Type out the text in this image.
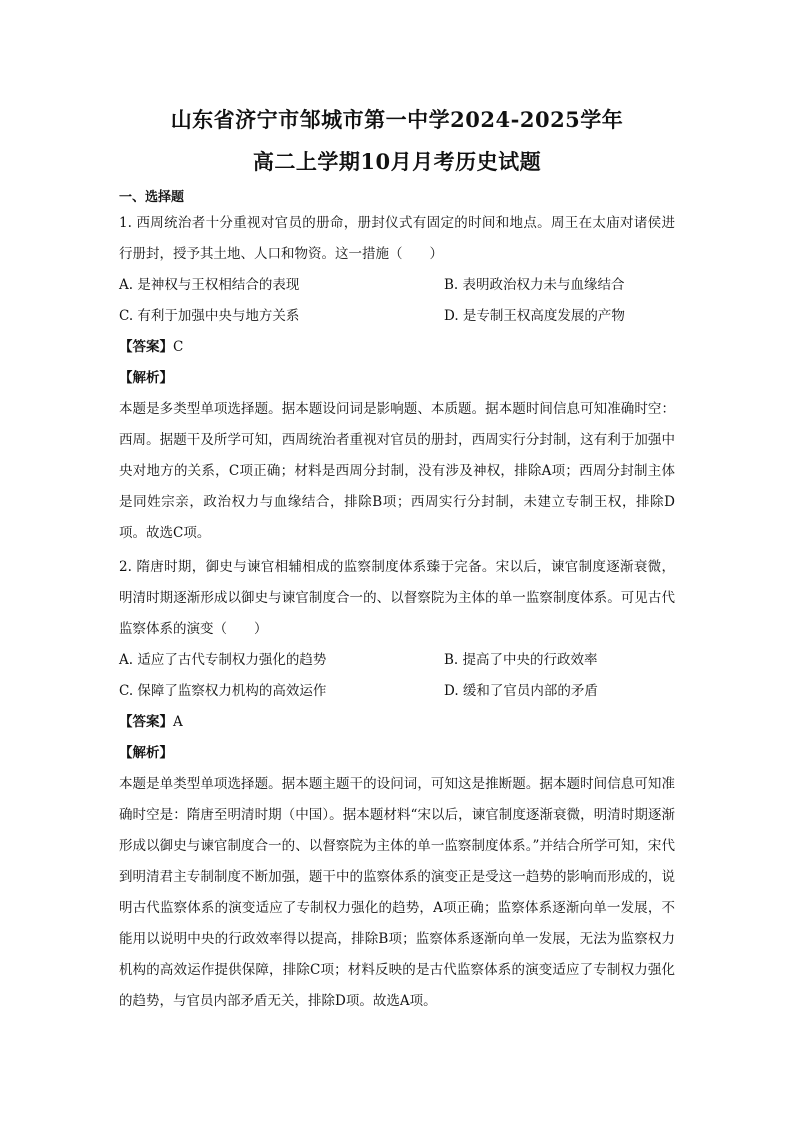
山东省济宁市邹城市第一中学2024-2025学年
高二上学期10月月考历史试题
一、选择题
1. 西周统治者十分重视对官员的册命，册封仪式有固定的时间和地点。周王在太庙对诸侯进行册封，授予其土地、人口和物资。这一措施（　　）
A. 是神权与王权相结合的表现	B. 表明政治权力未与血缘结合
C. 有利于加强中央与地方关系	D. 是专制王权高度发展的产物
【答案】C
【解析】
本题是多类型单项选择题。据本题设问词是影响题、本质题。据本题时间信息可知准确时空：西周。据题干及所学可知，西周统治者重视对官员的册封，西周实行分封制，这有利于加强中央对地方的关系，C项正确；材料是西周分封制，没有涉及神权，排除A项；西周分封制主体是同姓宗亲，政治权力与血缘结合，排除B项；西周实行分封制，未建立专制王权，排除D项。故选C项。
2. 隋唐时期，御史与谏官相辅相成的监察制度体系臻于完备。宋以后，谏官制度逐渐衰微，明清时期逐渐形成以御史与谏官制度合一的、以督察院为主体的单一监察制度体系。可见古代监察体系的演变（　　）
A. 适应了古代专制权力强化的趋势	B. 提高了中央的行政效率
C. 保障了监察权力机构的高效运作	D. 缓和了官员内部的矛盾
【答案】A
【解析】
本题是单类型单项选择题。据本题主题干的设问词，可知这是推断题。据本题时间信息可知准确时空是：隋唐至明清时期（中国）。据本题材料“宋以后，谏官制度逐渐衰微，明清时期逐渐形成以御史与谏官制度合一的、以督察院为主体的单一监察制度体系。”并结合所学可知，宋代到明清君主专制制度不断加强，题干中的监察体系的演变正是受这一趋势的影响而形成的，说明古代监察体系的演变适应了专制权力强化的趋势，A项正确；监察体系逐渐向单一发展，不能用以说明中央的行政效率得以提高，排除B项；监察体系逐渐向单一发展，无法为监察权力机构的高效运作提供保障，排除C项；材料反映的是古代监察体系的演变适应了专制权力强化的趋势，与官员内部矛盾无关，排除D项。故选A项。
